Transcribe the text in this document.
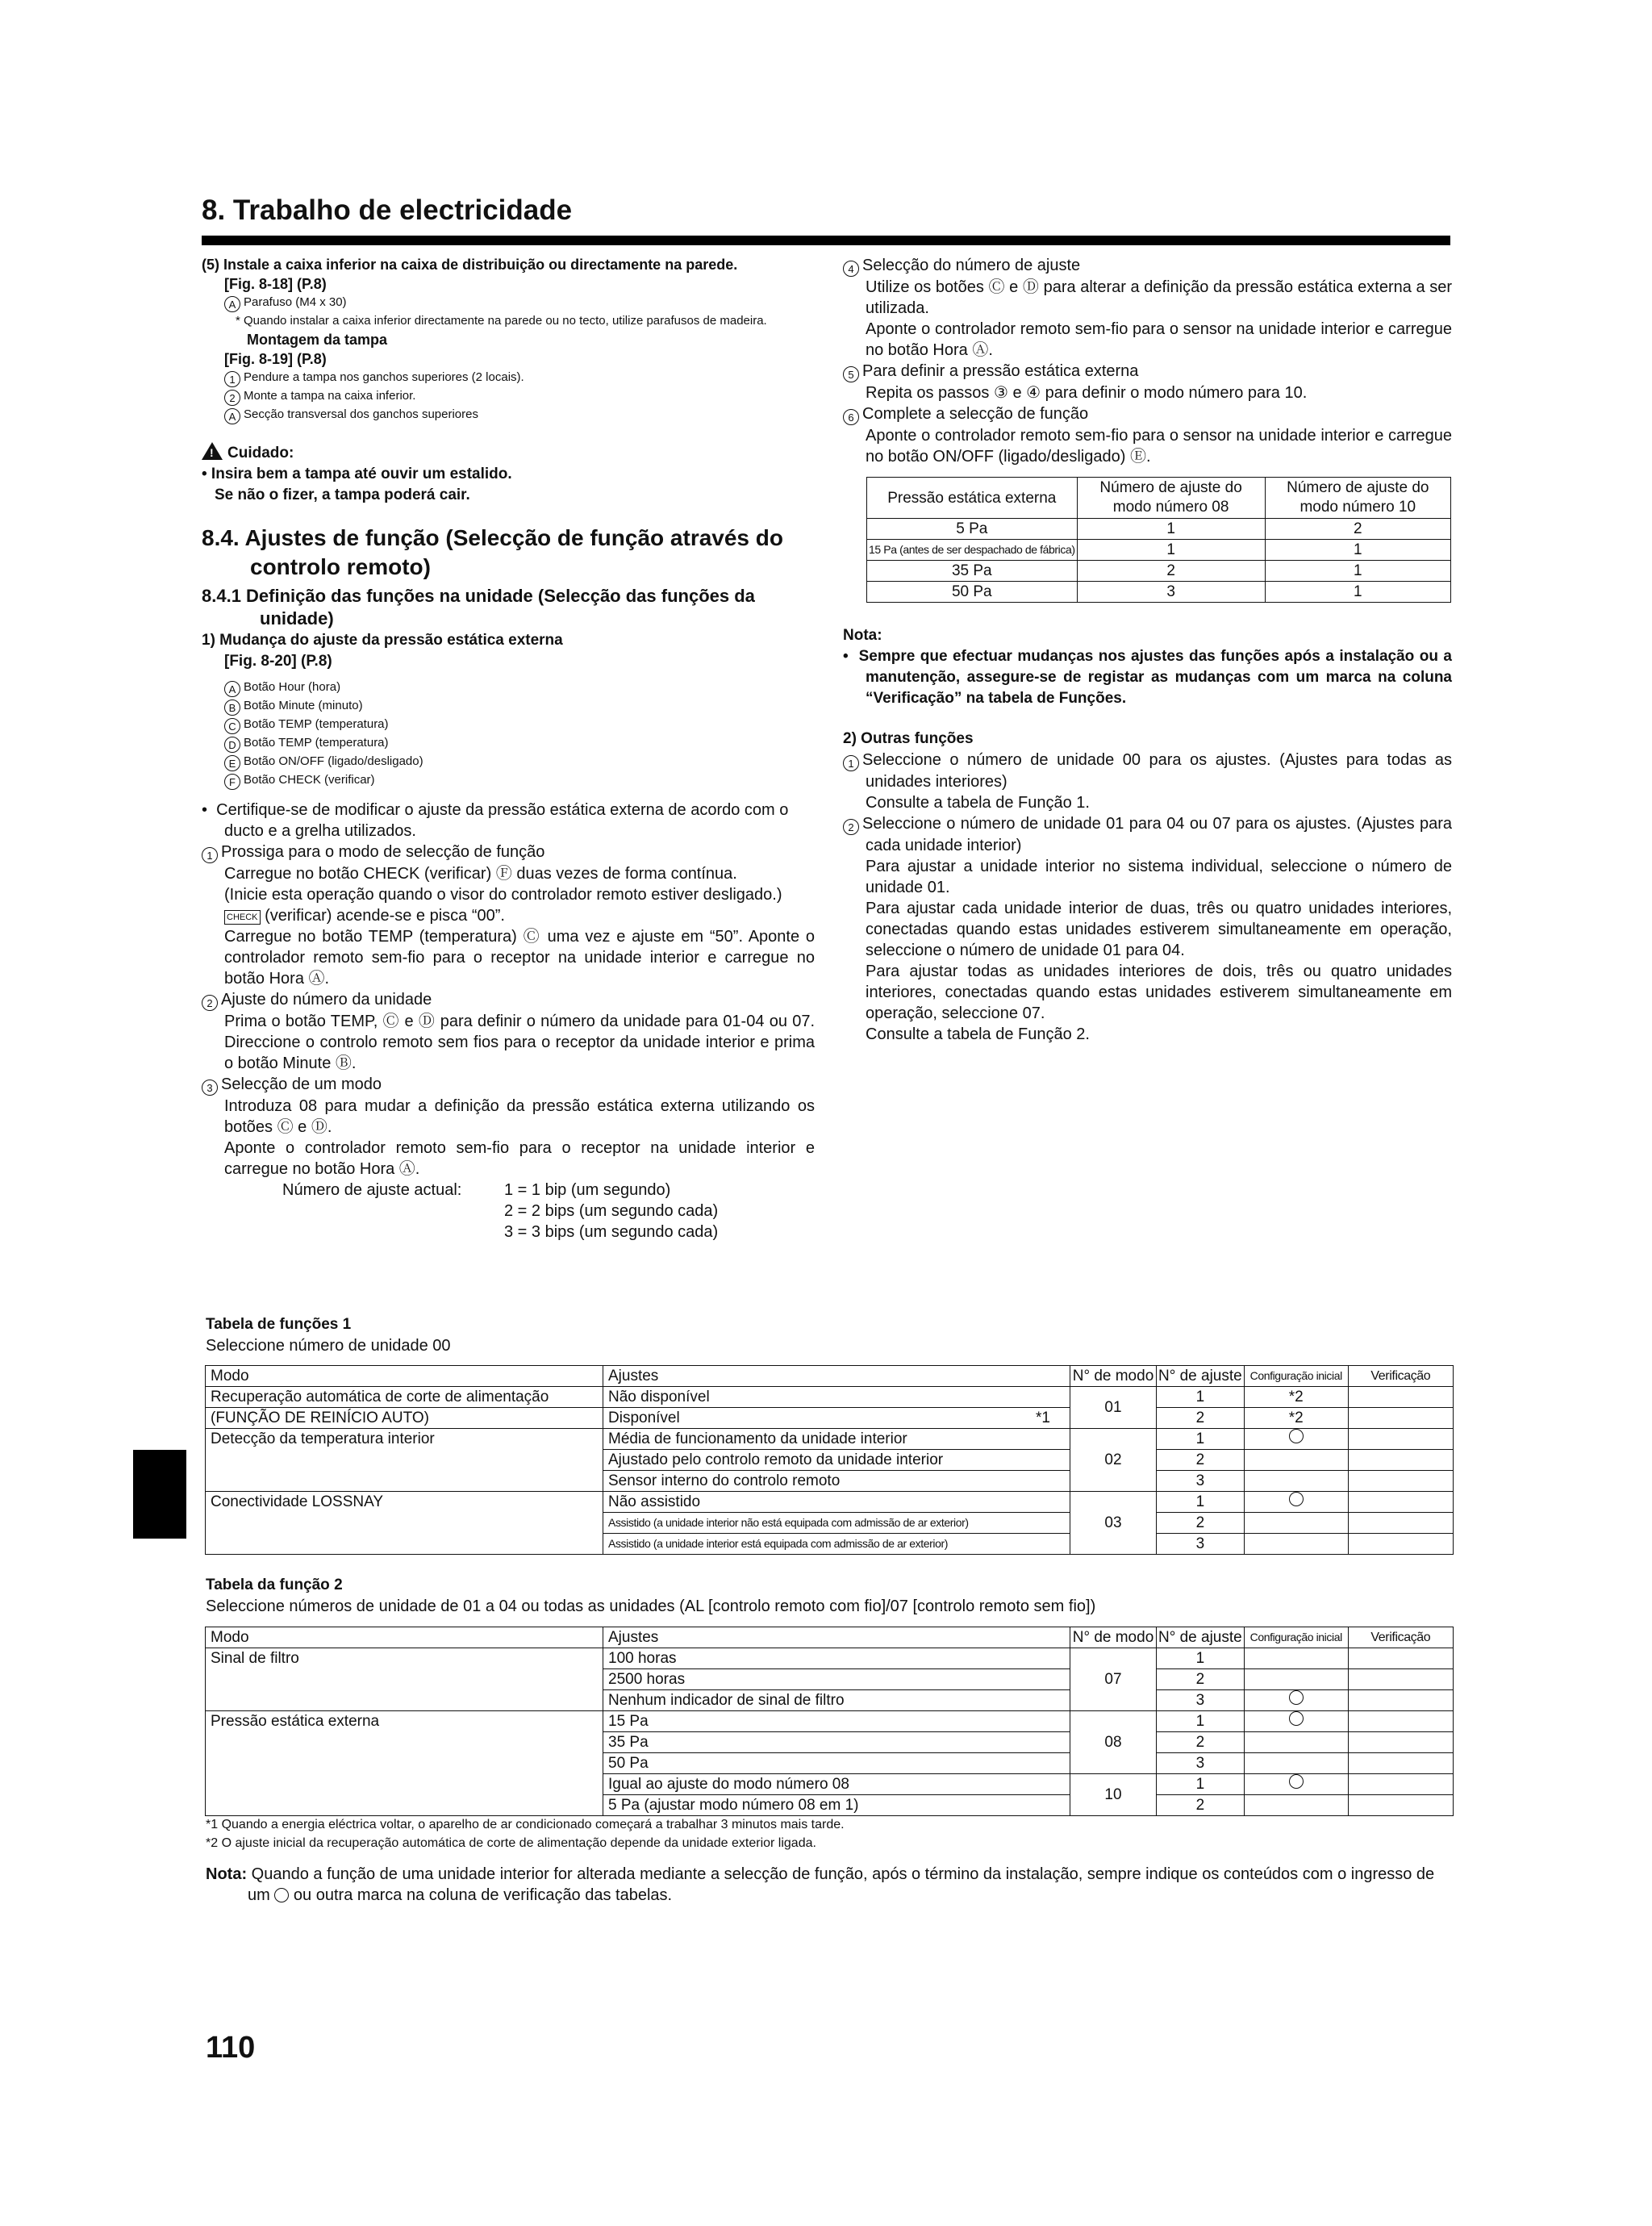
8. Trabalho de electricidade

(5) Instale a caixa inferior na caixa de distribuição ou directamente na parede.

[Fig. 8-18] (P.8)

A Parafuso (M4 x 30)

* Quando instalar a caixa inferior directamente na parede ou no tecto, utilize parafusos de madeira.

Montagem da tampa

[Fig. 8-19] (P.8)

1 Pendure a tampa nos ganchos superiores (2 locais).

2 Monte a tampa na caixa inferior.

A Secção transversal dos ganchos superiores

!Cuidado:

• Insira bem a tampa até ouvir um estalido.

Se não o fizer, a tampa poderá cair.

8.4. Ajustes de função (Selecção de função através do

controlo remoto)

8.4.1 Definição das funções na unidade (Selecção das funções da

unidade)

1) Mudança do ajuste da pressão estática externa

[Fig. 8-20] (P.8)

A Botão Hour (hora)

B Botão Minute (minuto)

C Botão TEMP (temperatura)

D Botão TEMP (temperatura)

E Botão ON/OFF (ligado/desligado)

F Botão CHECK (verificar)

•  Certifique-se de modificar o ajuste da pressão estática externa de acordo com o ducto e a grelha utilizados.

1 Prossiga para o modo de selecção de função

Carregue no botão CHECK (verificar) Ⓕ duas vezes de forma contínua.

(Inicie esta operação quando o visor do controlador remoto estiver desligado.)

CHECK (verificar) acende-se e pisca “00”.

Carregue no botão TEMP (temperatura) Ⓒ uma vez e ajuste em “50”. Aponte o controlador remoto sem-fio para o receptor na unidade interior e carregue no botão Hora Ⓐ.

2 Ajuste do número da unidade

Prima o botão TEMP, Ⓒ e Ⓓ para definir o número da unidade para 01-04 ou 07. Direccione o controlo remoto sem fios para o receptor da unidade interior e prima o botão Minute Ⓑ.

3 Selecção de um modo

Introduza 08 para mudar a definição da pressão estática externa utilizando os botões Ⓒ e Ⓓ.

Aponte o controlador remoto sem-fio para o receptor na unidade interior e carregue no botão Hora Ⓐ.

Número de ajuste actual:	1 = 1 bip (um segundo)
2 = 2 bips (um segundo cada)
3 = 3 bips (um segundo cada)

4 Selecção do número de ajuste

Utilize os botões Ⓒ e Ⓓ para alterar a definição da pressão estática externa a ser utilizada.

Aponte o controlador remoto sem-fio para o sensor na unidade interior e carregue no botão Hora Ⓐ.

5 Para definir a pressão estática externa

Repita os passos ③ e ④ para definir o modo número para 10.

6 Complete a selecção de função

Aponte o controlador remoto sem-fio para o sensor na unidade interior e carregue no botão ON/OFF (ligado/desligado) Ⓔ.

Pressão estática externa	Número de ajuste do modo número 08	Número de ajuste do modo número 10
5 Pa	1	2
15 Pa (antes de ser despachado de fábrica)	1	1
35 Pa	2	1
50 Pa	3	1

Nota:

•  Sempre que efectuar mudanças nos ajustes das funções após a instalação ou a manutenção, assegure-se de registar as mudanças com um marca na coluna “Verificação” na tabela de Funções.

2) Outras funções

1 Seleccione o número de unidade 00 para os ajustes. (Ajustes para todas as unidades interiores)

Consulte a tabela de Função 1.

2 Seleccione o número de unidade 01 para 04 ou 07 para os ajustes. (Ajustes para cada unidade interior)

Para ajustar a unidade interior no sistema individual, seleccione o número de unidade 01.

Para ajustar cada unidade interior de duas, três ou quatro unidades interiores, conectadas quando estas unidades estiverem simultaneamente em operação, seleccione o número de unidade 01 para 04.

Para ajustar todas as unidades interiores de dois, três ou quatro unidades interiores, conectadas quando estas unidades estiverem simultaneamente em operação, seleccione 07.

Consulte a tabela de Função 2.

Tabela de funções 1

Seleccione número de unidade 00

Modo	Ajustes	N° de modo	N° de ajuste	Configuração inicial	Verificação
Recuperação automática de corte de alimentação	Não disponível	01	1	*2	
(FUNÇÃO DE REINÍCIO AUTO)	Disponível *1		2	*2	
Detecção da temperatura interior	Média de funcionamento da unidade interior	02	1		
	Ajustado pelo controlo remoto da unidade interior		2		
	Sensor interno do controlo remoto		3		
Conectividade LOSSNAY	Não assistido	03	1		
	Assistido (a unidade interior não está equipada com admissão de ar exterior)		2		
	Assistido (a unidade interior está equipada com admissão de ar exterior)		3		

Tabela da função 2

Seleccione números de unidade de 01 a 04 ou todas as unidades (AL [controlo remoto com fio]/07 [controlo remoto sem fio])

Modo	Ajustes	N° de modo	N° de ajuste	Configuração inicial	Verificação
Sinal de filtro	100 horas	07	1		
	2500 horas		2		
	Nenhum indicador de sinal de filtro		3		
Pressão estática externa	15 Pa	08	1		
	35 Pa		2		
	50 Pa		3		
	Igual ao ajuste do modo número 08	10	1		
	5 Pa (ajustar modo número 08 em 1)		2		

*1 Quando a energia eléctrica voltar, o aparelho de ar condicionado começará a trabalhar 3 minutos mais tarde.

*2 O ajuste inicial da recuperação automática de corte de alimentação depende da unidade exterior ligada.

Nota: Quando a função de uma unidade interior for alterada mediante a selecção de função, após o término da instalação, sempre indique os conteúdos com o ingresso de

um ○ ou outra marca na coluna de verificação das tabelas.

110
